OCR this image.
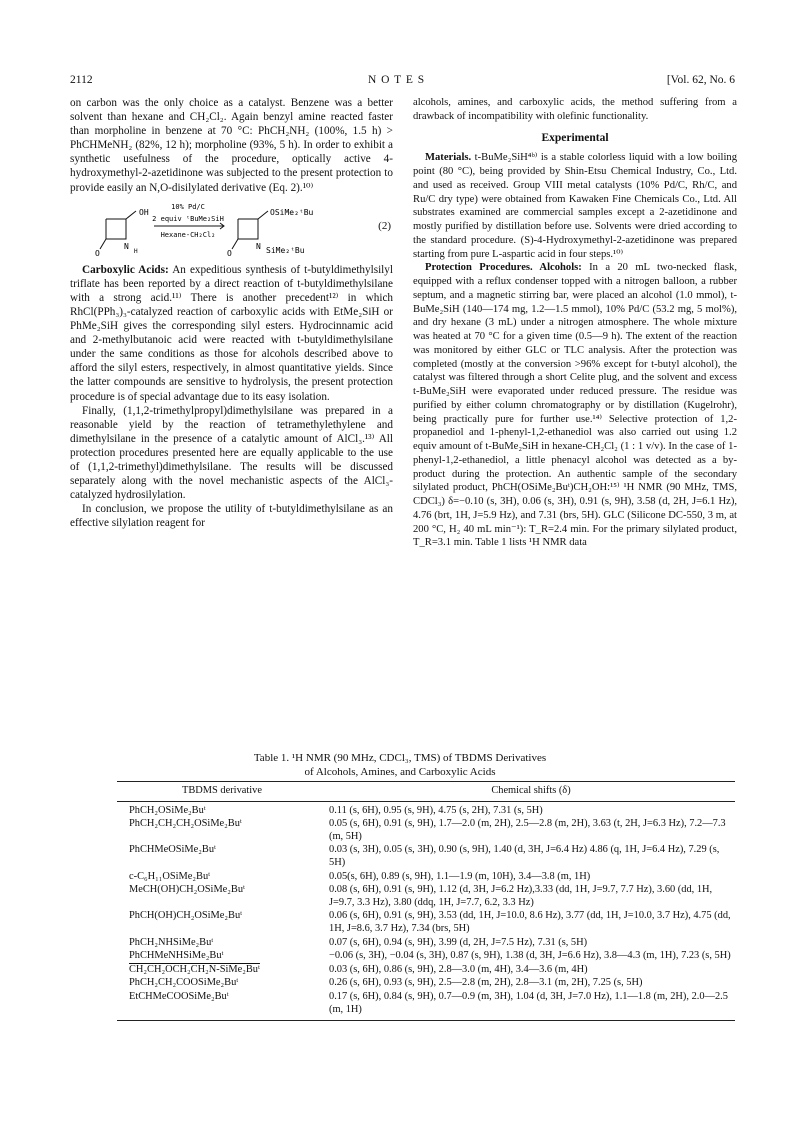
2112	N O T E S	[Vol. 62, No. 6

on carbon was the only choice as a catalyst. Benzene was a better solvent than hexane and CH₂Cl₂. Again benzyl amine reacted faster than morpholine in benzene at 70 °C: PhCH₂NH₂ (100%, 1.5 h) > PhCHMeNH₂ (82%, 12 h); morpholine (93%, 5 h). In order to exhibit a synthetic usefulness of the procedure, optically active 4-hydroxymethyl-2-azetidinone was subjected to the present protection to provide easily an N,O-disilylated derivative (Eq. 2).¹⁰⁾

OH
N
H
O
10% Pd/C
2 equiv ᵗBuMe₂SiH
Hexane-CH₂Cl₂
OSiMe₂ᵗBu
N SiMe₂ᵗBu
O
(2)

Carboxylic Acids: An expeditious synthesis of t-butyldimethylsilyl triflate has been reported by a direct reaction of t-butyldimethylsilane with a strong acid.¹¹⁾ There is another precedent¹²⁾ in which RhCl(PPh₃)₃-catalyzed reaction of carboxylic acids with EtMe₂SiH or PhMe₂SiH gives the corresponding silyl esters. Hydrocinnamic acid and 2-methylbutanoic acid were reacted with t-butyldimethylsilane under the same conditions as those for alcohols described above to afford the silyl esters, respectively, in almost quantitative yields. Since the latter compounds are sensitive to hydrolysis, the present protection procedure is of special advantage due to its easy isolation.

Finally, (1,1,2-trimethylpropyl)dimethylsilane was prepared in a reasonable yield by the reaction of tetramethylethylene and dimethylsilane in the presence of a catalytic amount of AlCl₃.¹³⁾ All protection procedures presented here are equally applicable to the use of (1,1,2-trimethyl)dimethylsilane. The results will be discussed separately along with the novel mechanistic aspects of the AlCl₃-catalyzed hydrosilylation.

In conclusion, we propose the utility of t-butyldimethylsilane as an effective silylation reagent for

alcohols, amines, and carboxylic acids, the method suffering from a drawback of incompatibility with olefinic functionality.

Experimental

Materials. t-BuMe₂SiH⁴ᵇ⁾ is a stable colorless liquid with a low boiling point (80 °C), being provided by Shin-Etsu Chemical Industry, Co., Ltd. and used as received. Group VIII metal catalysts (10% Pd/C, Rh/C, and Ru/C dry type) were obtained from Kawaken Fine Chemicals Co., Ltd. All substrates examined are commercial samples except a 2-azetidinone and mostly purified by distillation before use. Solvents were dried according to the standard procedure. (S)-4-Hydroxymethyl-2-azetidinone was prepared starting from pure L-aspartic acid in four steps.¹⁰⁾

Protection Procedures. Alcohols: In a 20 mL two-necked flask, equipped with a reflux condenser topped with a nitrogen balloon, a rubber septum, and a magnetic stirring bar, were placed an alcohol (1.0 mmol), t-BuMe₂SiH (140—174 mg, 1.2—1.5 mmol), 10% Pd/C (53.2 mg, 5 mol%), and dry hexane (3 mL) under a nitrogen atmosphere. The whole mixture was heated at 70 °C for a given time (0.5—9 h). The extent of the reaction was monitored by either GLC or TLC analysis. After the protection was completed (mostly at the conversion >96% except for t-butyl alcohol), the catalyst was filtered through a short Celite plug, and the solvent and excess t-BuMe₂SiH were evaporated under reduced pressure. The residue was purified by either column chromatography or by distillation (Kugelrohr), being practically pure for further use.¹⁴⁾ Selective protection of 1,2-propanediol and 1-phenyl-1,2-ethanediol was also carried out using 1.2 equiv amount of t-BuMe₂SiH in hexane-CH₂Cl₂ (1 : 1 v/v). In the case of 1-phenyl-1,2-ethanediol, a little phenacyl alcohol was detected as a by-product during the protection. An authentic sample of the secondary silylated product, PhCH(OSiMe₂Buᵗ)CH₂OH:¹⁵⁾ ¹H NMR (90 MHz, TMS, CDCl₃) δ=−0.10 (s, 3H), 0.06 (s, 3H), 0.91 (s, 9H), 3.58 (d, 2H, J=6.1 Hz), 4.76 (brt, 1H, J=5.9 Hz), and 7.31 (brs, 5H). GLC (Silicone DC-550, 3 m, at 200 °C, H₂ 40 mL min⁻¹): T_R=2.4 min. For the primary silylated product, T_R=3.1 min. Table 1 lists ¹H NMR data

Table 1. ¹H NMR (90 MHz, CDCl₃, TMS) of TBDMS Derivatives
of Alcohols, Amines, and Carboxylic Acids
TBDMS derivative	Chemical shifts (δ)
PhCH₂OSiMe₂Buᵗ	0.11 (s, 6H), 0.95 (s, 9H), 4.75 (s, 2H), 7.31 (s, 5H)
PhCH₂CH₂CH₂OSiMe₂Buᵗ	0.05 (s, 6H), 0.91 (s, 9H), 1.7—2.0 (m, 2H), 2.5—2.8 (m, 2H), 3.63 (t, 2H, J=6.3 Hz), 7.2—7.3 (m, 5H)
PhCHMeOSiMe₂Buᵗ	0.03 (s, 3H), 0.05 (s, 3H), 0.90 (s, 9H), 1.40 (d, 3H, J=6.4 Hz) 4.86 (q, 1H, J=6.4 Hz), 7.29 (s, 5H)
c-C₆H₁₁OSiMe₂Buᵗ	0.05(s, 6H), 0.89 (s, 9H), 1.1—1.9 (m, 10H), 3.4—3.8 (m, 1H)
MeCH(OH)CH₂OSiMe₂Buᵗ	0.08 (s, 6H), 0.91 (s, 9H), 1.12 (d, 3H, J=6.2 Hz),3.33 (dd, 1H, J=9.7, 7.7 Hz), 3.60 (dd, 1H, J=9.7, 3.3 Hz), 3.80 (ddq, 1H, J=7.7, 6.2, 3.3 Hz)
PhCH(OH)CH₂OSiMe₂Buᵗ	0.06 (s, 6H), 0.91 (s, 9H), 3.53 (dd, 1H, J=10.0, 8.6 Hz), 3.77 (dd, 1H, J=10.0, 3.7 Hz), 4.75 (dd, 1H, J=8.6, 3.7 Hz), 7.34 (brs, 5H)
PhCH₂NHSiMe₂Buᵗ	0.07 (s, 6H), 0.94 (s, 9H), 3.99 (d, 2H, J=7.5 Hz), 7.31 (s, 5H)
PhCHMeNHSiMe₂Buᵗ	−0.06 (s, 3H), −0.04 (s, 3H), 0.87 (s, 9H), 1.38 (d, 3H, J=6.6 Hz), 3.8—4.3 (m, 1H), 7.23 (s, 5H)
CH₂CH₂OCH₂CH₂N-SiMe₂Buᵗ	0.03 (s, 6H), 0.86 (s, 9H), 2.8—3.0 (m, 4H), 3.4—3.6 (m, 4H)
PhCH₂CH₂COOSiMe₂Buᵗ	0.26 (s, 6H), 0.93 (s, 9H), 2.5—2.8 (m, 2H), 2.8—3.1 (m, 2H), 7.25 (s, 5H)
EtCHMeCOOSiMe₂Buᵗ	0.17 (s, 6H), 0.84 (s, 9H), 0.7—0.9 (m, 3H), 1.04 (d, 3H, J=7.0 Hz), 1.1—1.8 (m, 2H), 2.0—2.5 (m, 1H)
